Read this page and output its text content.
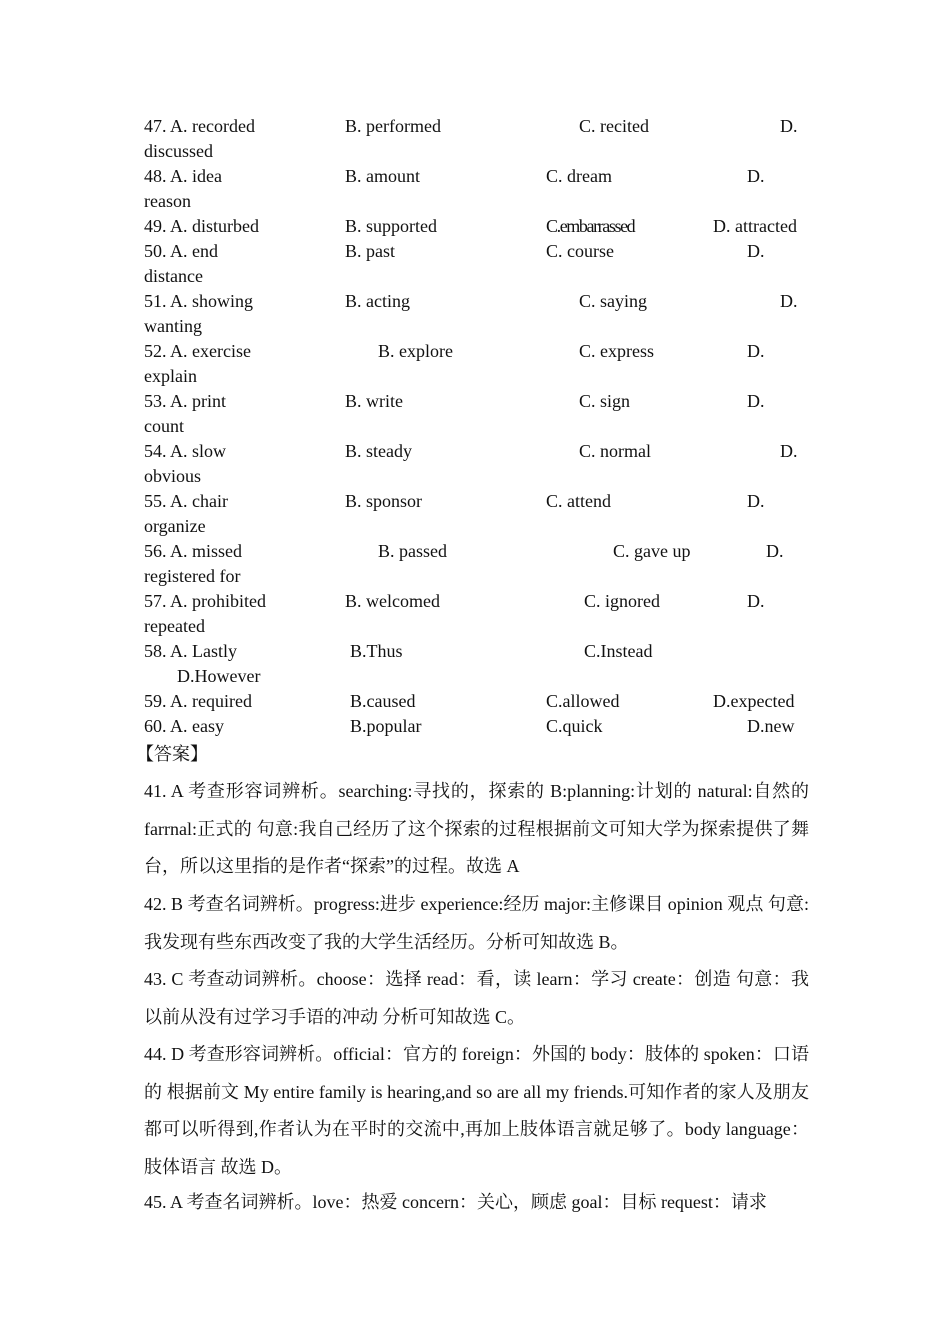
47. A. recorded	B. performed	C. recited	D.
discussed
48. A. idea	B. amount	C. dream	D.
reason
49. A. disturbed	B. supported	C.embarrassed	D. attracted
50. A. end	B. past	C. course	D.
distance
51. A. showing	B. acting	C. saying	D.
wanting
52. A. exercise	B. explore	C. express	D.
explain
53. A. print	B. write	C. sign	D.
count
54. A. slow	B. steady	C. normal	D.
obvious
55. A. chair	B. sponsor	C. attend	D.
organize
56. A. missed	B. passed	C. gave up	D.
registered for
57. A. prohibited	B. welcomed	C. ignored	D.
repeated
58. A. Lastly	B.Thus	C.Instead
D.However
59. A. required	B.caused	C.allowed	D.expected
60. A. easy	B.popular	C.quick	D.new
【答案】
41. A 考查形容词辨析。searching:寻找的，探索的 B:planning:计划的 natural:自然的 farrnal:正式的 句意:我自己经历了这个探索的过程根据前文可知大学为探索提供了舞台，所以这里指的是作者“探索”的过程。故选 A
42. B 考查名词辨析。progress:进步 experience:经历 major:主修课目 opinion 观点 句意:我发现有些东西改变了我的大学生活经历。分析可知故选 B。
43. C 考查动词辨析。choose：选择 read：看，读 learn：学习 create：创造 句意：我以前从没有过学习手语的冲动 分析可知故选 C。
44. D 考查形容词辨析。official：官方的 foreign：外国的 body：肢体的 spoken：口语的 根据前文 My entire family is hearing,and so are all my friends.可知作者的家人及朋友都可以听得到,作者认为在平时的交流中,再加上肢体语言就足够了。body language：肢体语言 故选 D。
45. A 考查名词辨析。love：热爱 concern：关心，顾虑 goal：目标 request：请求
